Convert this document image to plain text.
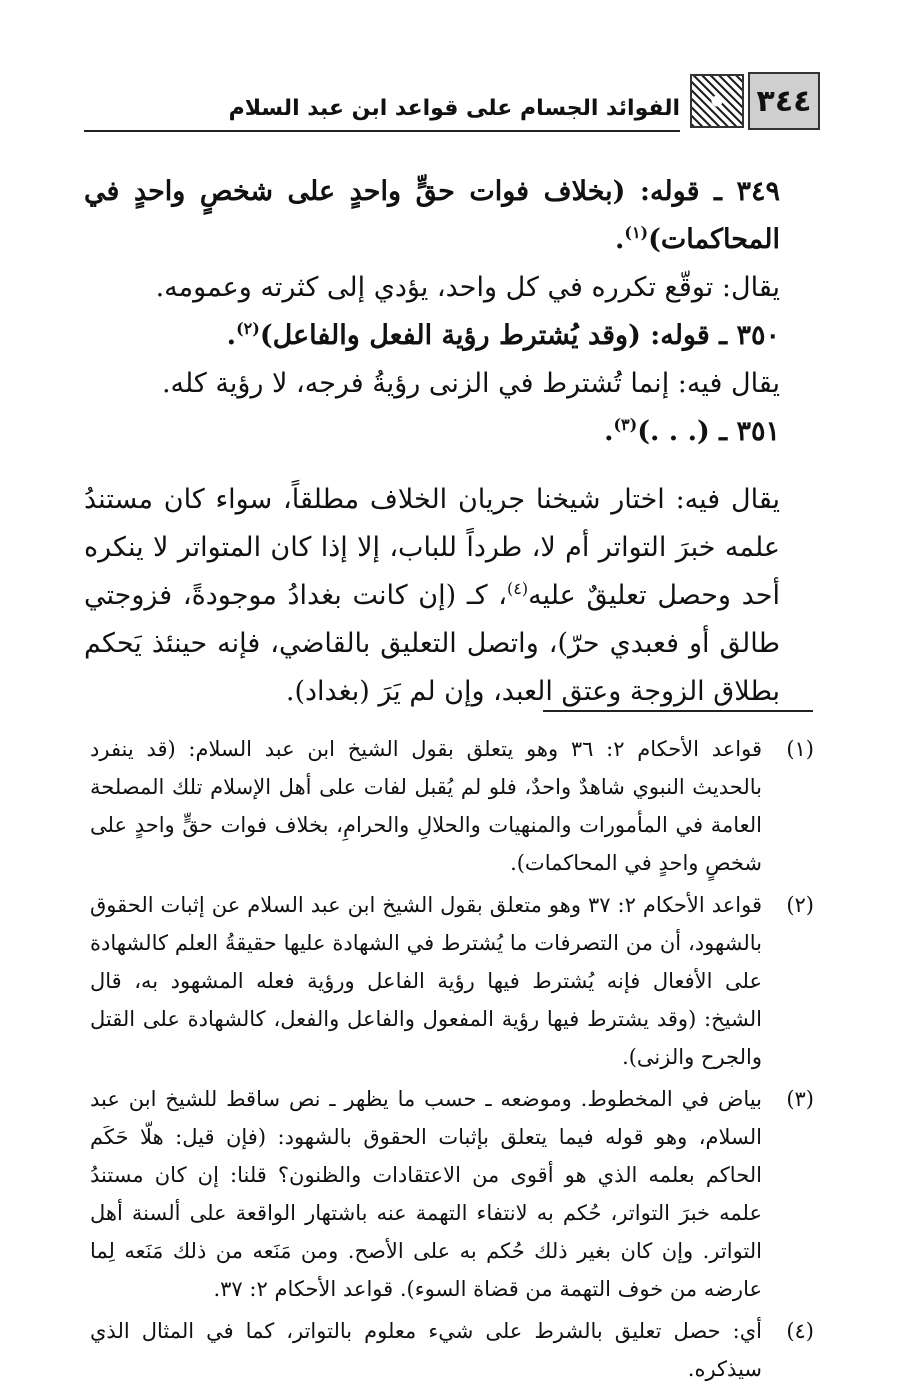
٣٤٤
الفوائد الجسام على قواعد ابن عبد السلام

٣٤٩ ـ قوله: (بخلاف فوات حقٍّ واحدٍ على شخصٍ واحدٍ في المحاكمات)$^{(١)}$.

يقال: توقّع تكرره في كل واحد، يؤدي إلى كثرته وعمومه.

٣٥٠ ـ قوله: (وقد يُشترط رؤية الفعل والفاعل)$^{(٢)}$.

يقال فيه: إنما تُشترط في الزنى رؤيةُ فرجه، لا رؤية كله.

٣٥١ ـ (. . .)$^{(٣)}$.

يقال فيه: اختار شيخنا جريان الخلاف مطلقاً، سواء كان مستندُ علمه خبرَ التواتر أم لا، طرداً للباب، إلا إذا كان المتواتر لا ينكره أحد وحصل تعليقٌ عليه$^{(٤)}$، كـ (إن كانت بغدادُ موجودةً، فزوجتي طالق أو فعبدي حرّ)، واتصل التعليق بالقاضي، فإنه حينئذ يَحكم بطلاق الزوجة وعتق العبد، وإن لم يَرَ (بغداد).

(١)
قواعد الأحكام ٢: ٣٦ وهو يتعلق بقول الشيخ ابن عبد السلام: (قد ينفرد بالحديث النبوي شاهدٌ واحدٌ، فلو لم يُقبل لفات على أهل الإسلام تلك المصلحة العامة في المأمورات والمنهيات والحلالِ والحرامِ، بخلاف فوات حقٍّ واحدٍ على شخصٍ واحدٍ في المحاكمات).
(٢)
قواعد الأحكام ٢: ٣٧ وهو متعلق بقول الشيخ ابن عبد السلام عن إثبات الحقوق بالشهود، أن من التصرفات ما يُشترط في الشهادة عليها حقيقةُ العلم كالشهادة على الأفعال فإنه يُشترط فيها رؤية الفاعل ورؤية فعله المشهود به، قال الشيخ: (وقد يشترط فيها رؤية المفعول والفاعل والفعل، كالشهادة على القتل والجرح والزنى).
(٣)
بياض في المخطوط. وموضعه ـ حسب ما يظهر ـ نص ساقط للشيخ ابن عبد السلام، وهو قوله فيما يتعلق بإثبات الحقوق بالشهود: (فإن قيل: هلّا حَكَم الحاكم بعلمه الذي هو أقوى من الاعتقادات والظنون؟ قلنا: إن كان مستندُ علمه خبرَ التواتر، حُكم به لانتفاء التهمة عنه باشتهار الواقعة على ألسنة أهل التواتر. وإن كان بغير ذلك حُكم به على الأصح. ومن مَنَعه من ذلك مَنَعه لِما عارضه من خوف التهمة من قضاة السوء). قواعد الأحكام ٢: ٣٧.
(٤)
أي: حصل تعليق بالشرط على شيء معلوم بالتواتر، كما في المثال الذي سيذكره.
